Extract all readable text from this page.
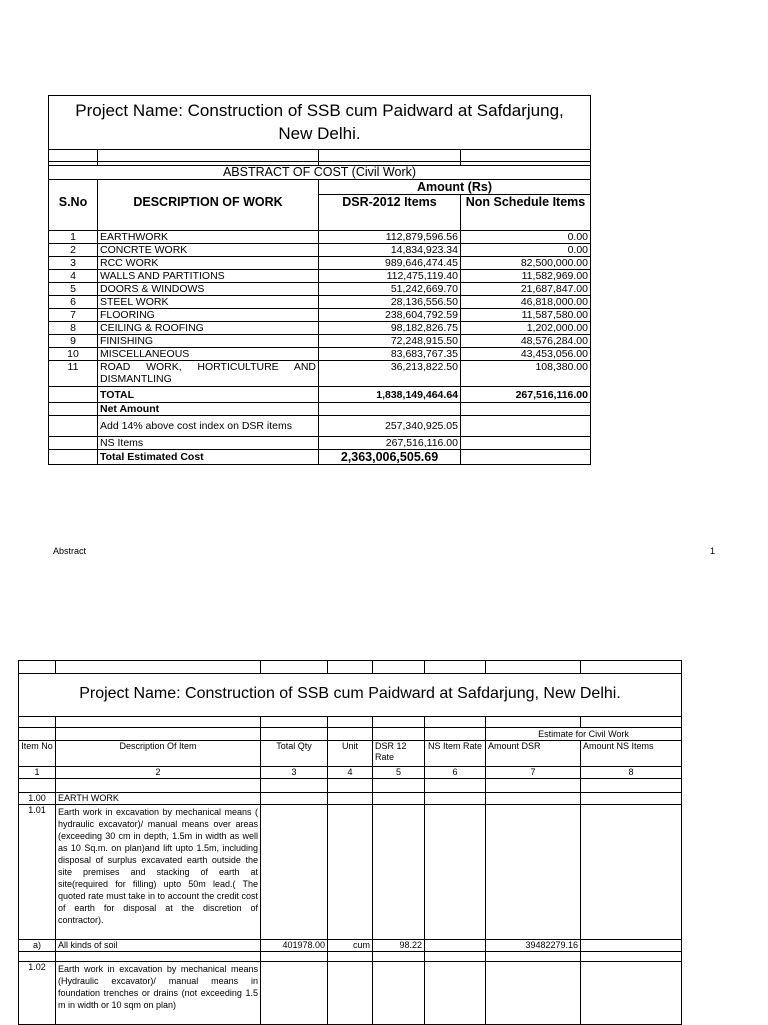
Project Name: Construction of SSB cum Paidward at Safdarjung, New Delhi.			

ABSTRACT OF COST (Civil Work)			
		Amount (Rs)	
S.No	DESCRIPTION OF WORK	DSR-2012 Items	Non Schedule Items
1	EARTHWORK	112,879,596.56	0.00
2	CONCRTE WORK	14,834,923.34	0.00
3	RCC WORK	989,646,474.45	82,500,000.00
4	WALLS AND PARTITIONS	112,475,119.40	11,582,969.00
5	DOORS & WINDOWS	51,242,669.70	21,687,847.00
6	STEEL WORK	28,136,556.50	46,818,000.00
7	FLOORING	238,604,792.59	11,587,580.00
8	CEILING & ROOFING	98,182,826.75	1,202,000.00
9	FINISHING	72,248,915.50	48,576,284.00
10	MISCELLANEOUS	83,683,767.35	43,453,056.00
11	ROAD WORK, HORTICULTURE AND DISMANTLING	36,213,822.50	108,380.00
	TOTAL	1,838,149,464.64	267,516,116.00
	Net Amount		
	Add 14% above cost index on DSR items	257,340,925.05	
	NS Items	267,516,116.00	
	Total Estimated Cost	2,363,006,505.69	
Abstract	1

Project Name: Construction of SSB cum Paidward at Safdarjung, New Delhi.							

						Estimate for Civil Work	
Item No	Description Of Item	Total Qty	Unit	DSR 12 Rate	NS Item Rate	Amount DSR	Amount NS Items
1	2	3	4	5	6	7	8

1.00	EARTH WORK						
1.01	Earth work in excavation by mechanical means ( hydraulic excavator)/ manual means over areas (exceeding 30 cm in depth, 1.5m in width as well as 10 Sq.m. on plan)and lift upto 1.5m, including disposal of surplus excavated earth outside the site premises and stacking of earth at site(required for filling) upto 50m lead.( The quoted rate must take in to account the credit cost of earth for disposal at the discretion of contractor).						
a)	All kinds of soil	401978.00	cum	98.22		39482279.16	

1.02	Earth work in excavation by mechanical means (Hydraulic excavator)/ manual means in foundation trenches or drains (not exceeding 1.5 m in width or 10 sqm on plan)						
